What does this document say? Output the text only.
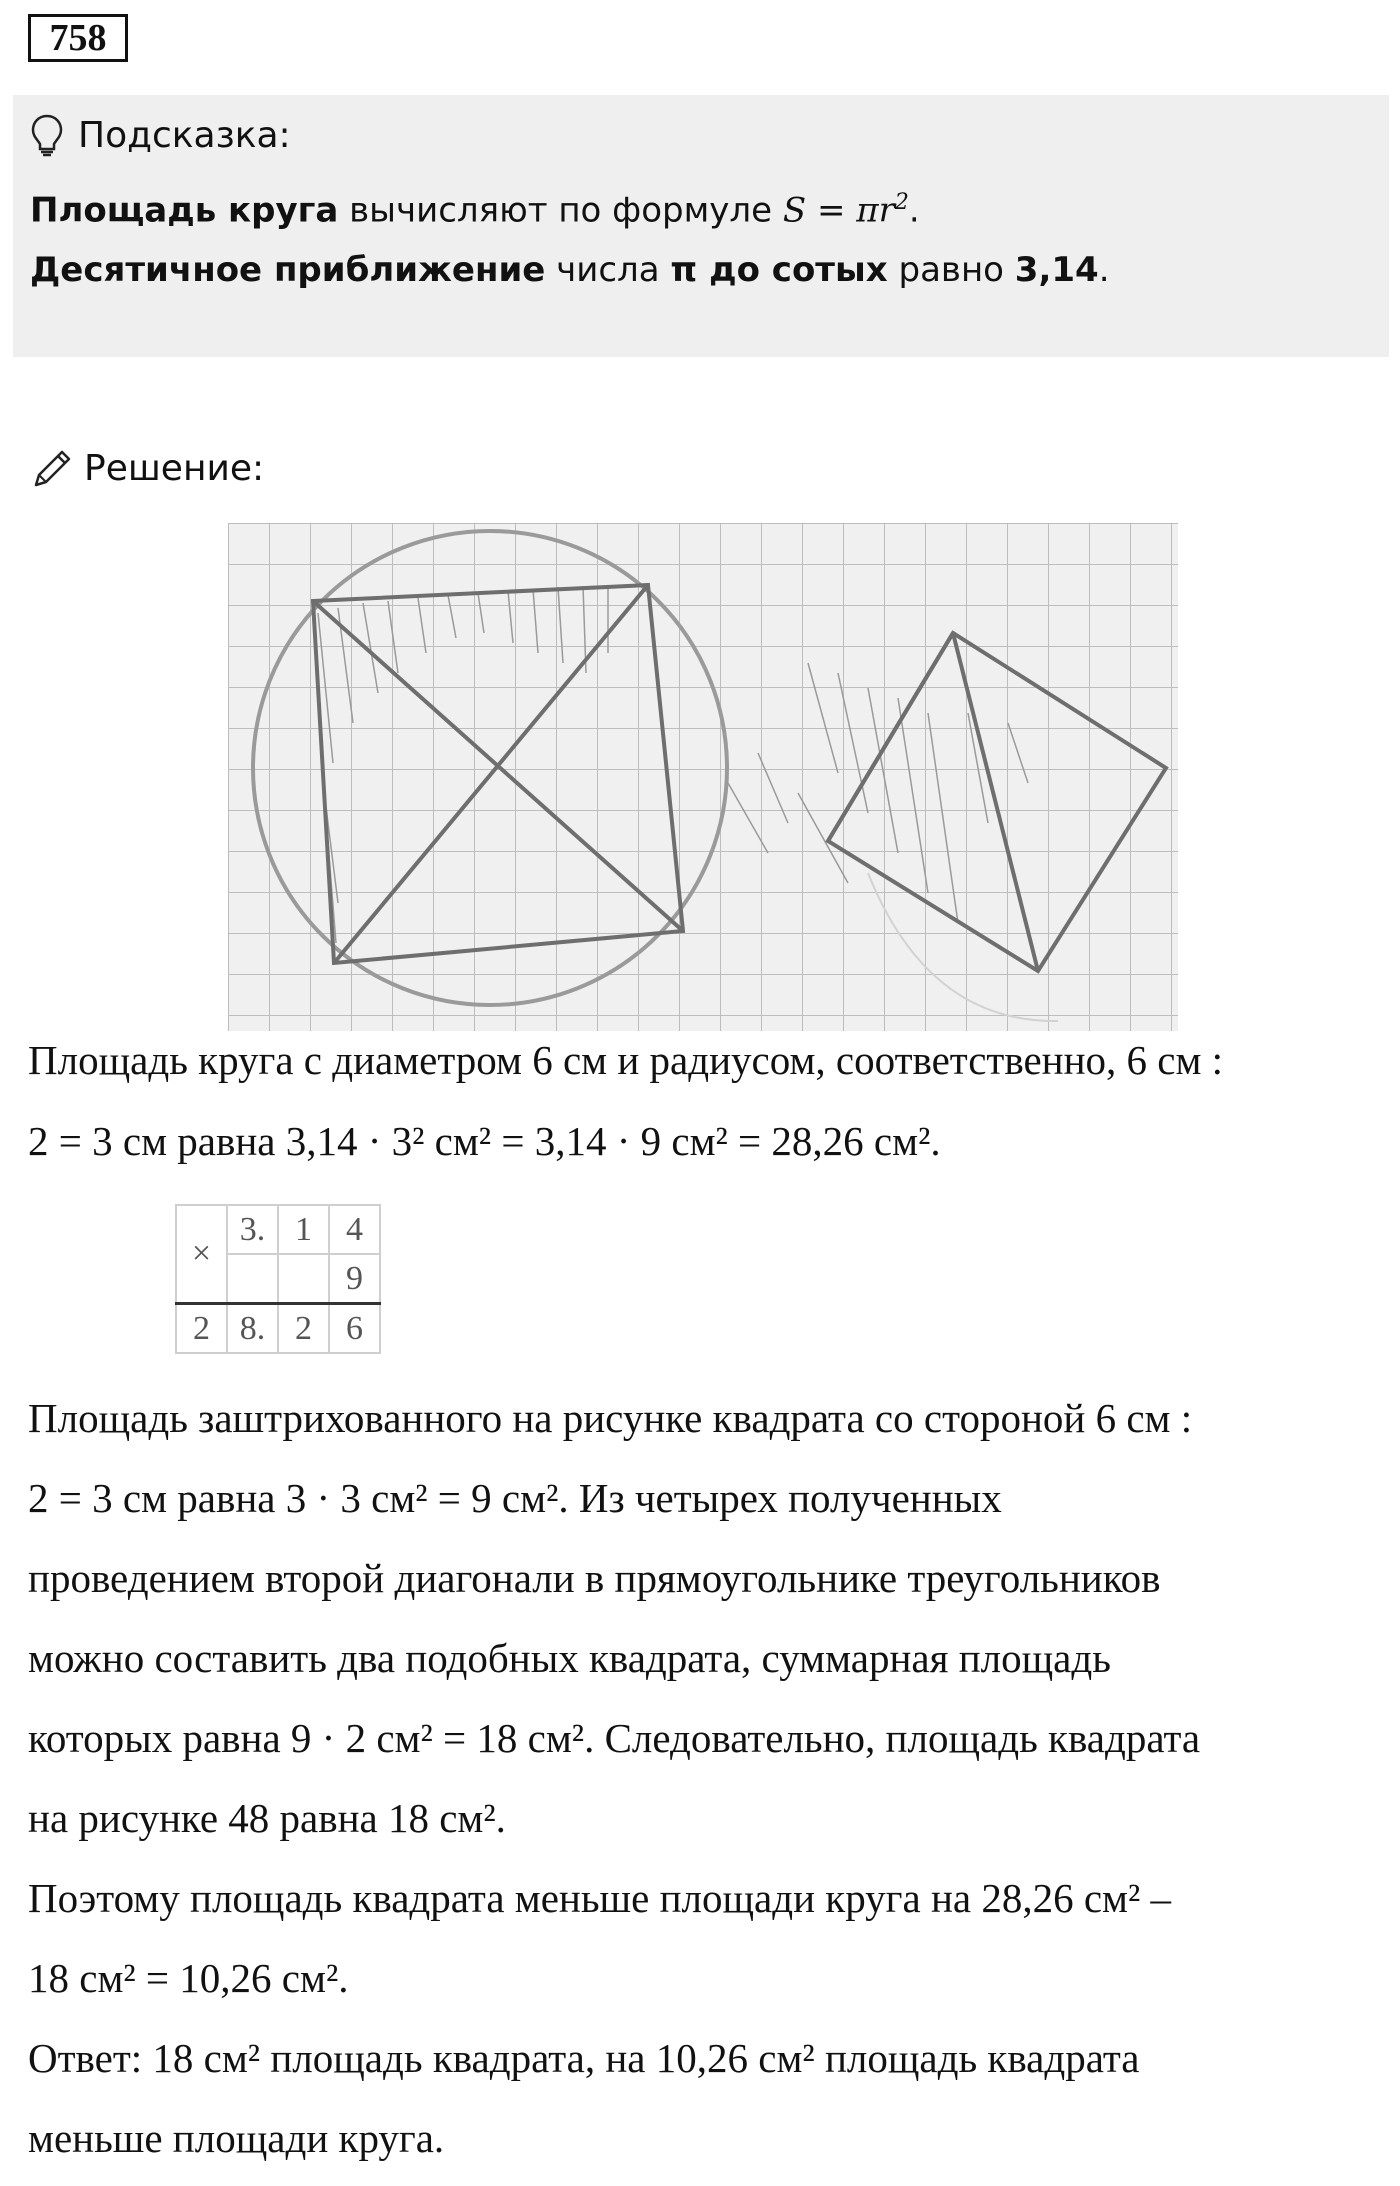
758
Подсказка:
Площадь круга вычисляют по формуле $S = \pi r^2$.
Десятичное приближение числа π до сотых равно 3,14.
Решение:
Площадь круга с диаметром 6 см и радиусом, соответственно, 6 см :
2 = 3 см равна 3,14 · 3² см² = 3,14 · 9 см² = 28,26 см².
×	3.	1	4
			9
2	8.	2	6
Площадь заштрихованного на рисунке квадрата со стороной 6 см :
2 = 3 см равна 3 · 3 см² = 9 см². Из четырех полученных
проведением второй диагонали в прямоугольнике треугольников
можно составить два подобных квадрата, суммарная площадь
которых равна 9 · 2 см² = 18 см². Следовательно, площадь квадрата
на рисунке 48 равна 18 см².
Поэтому площадь квадрата меньше площади круга на 28,26 см² –
18 см² = 10,26 см².
Ответ: 18 см² площадь квадрата, на 10,26 см² площадь квадрата
меньше площади круга.
